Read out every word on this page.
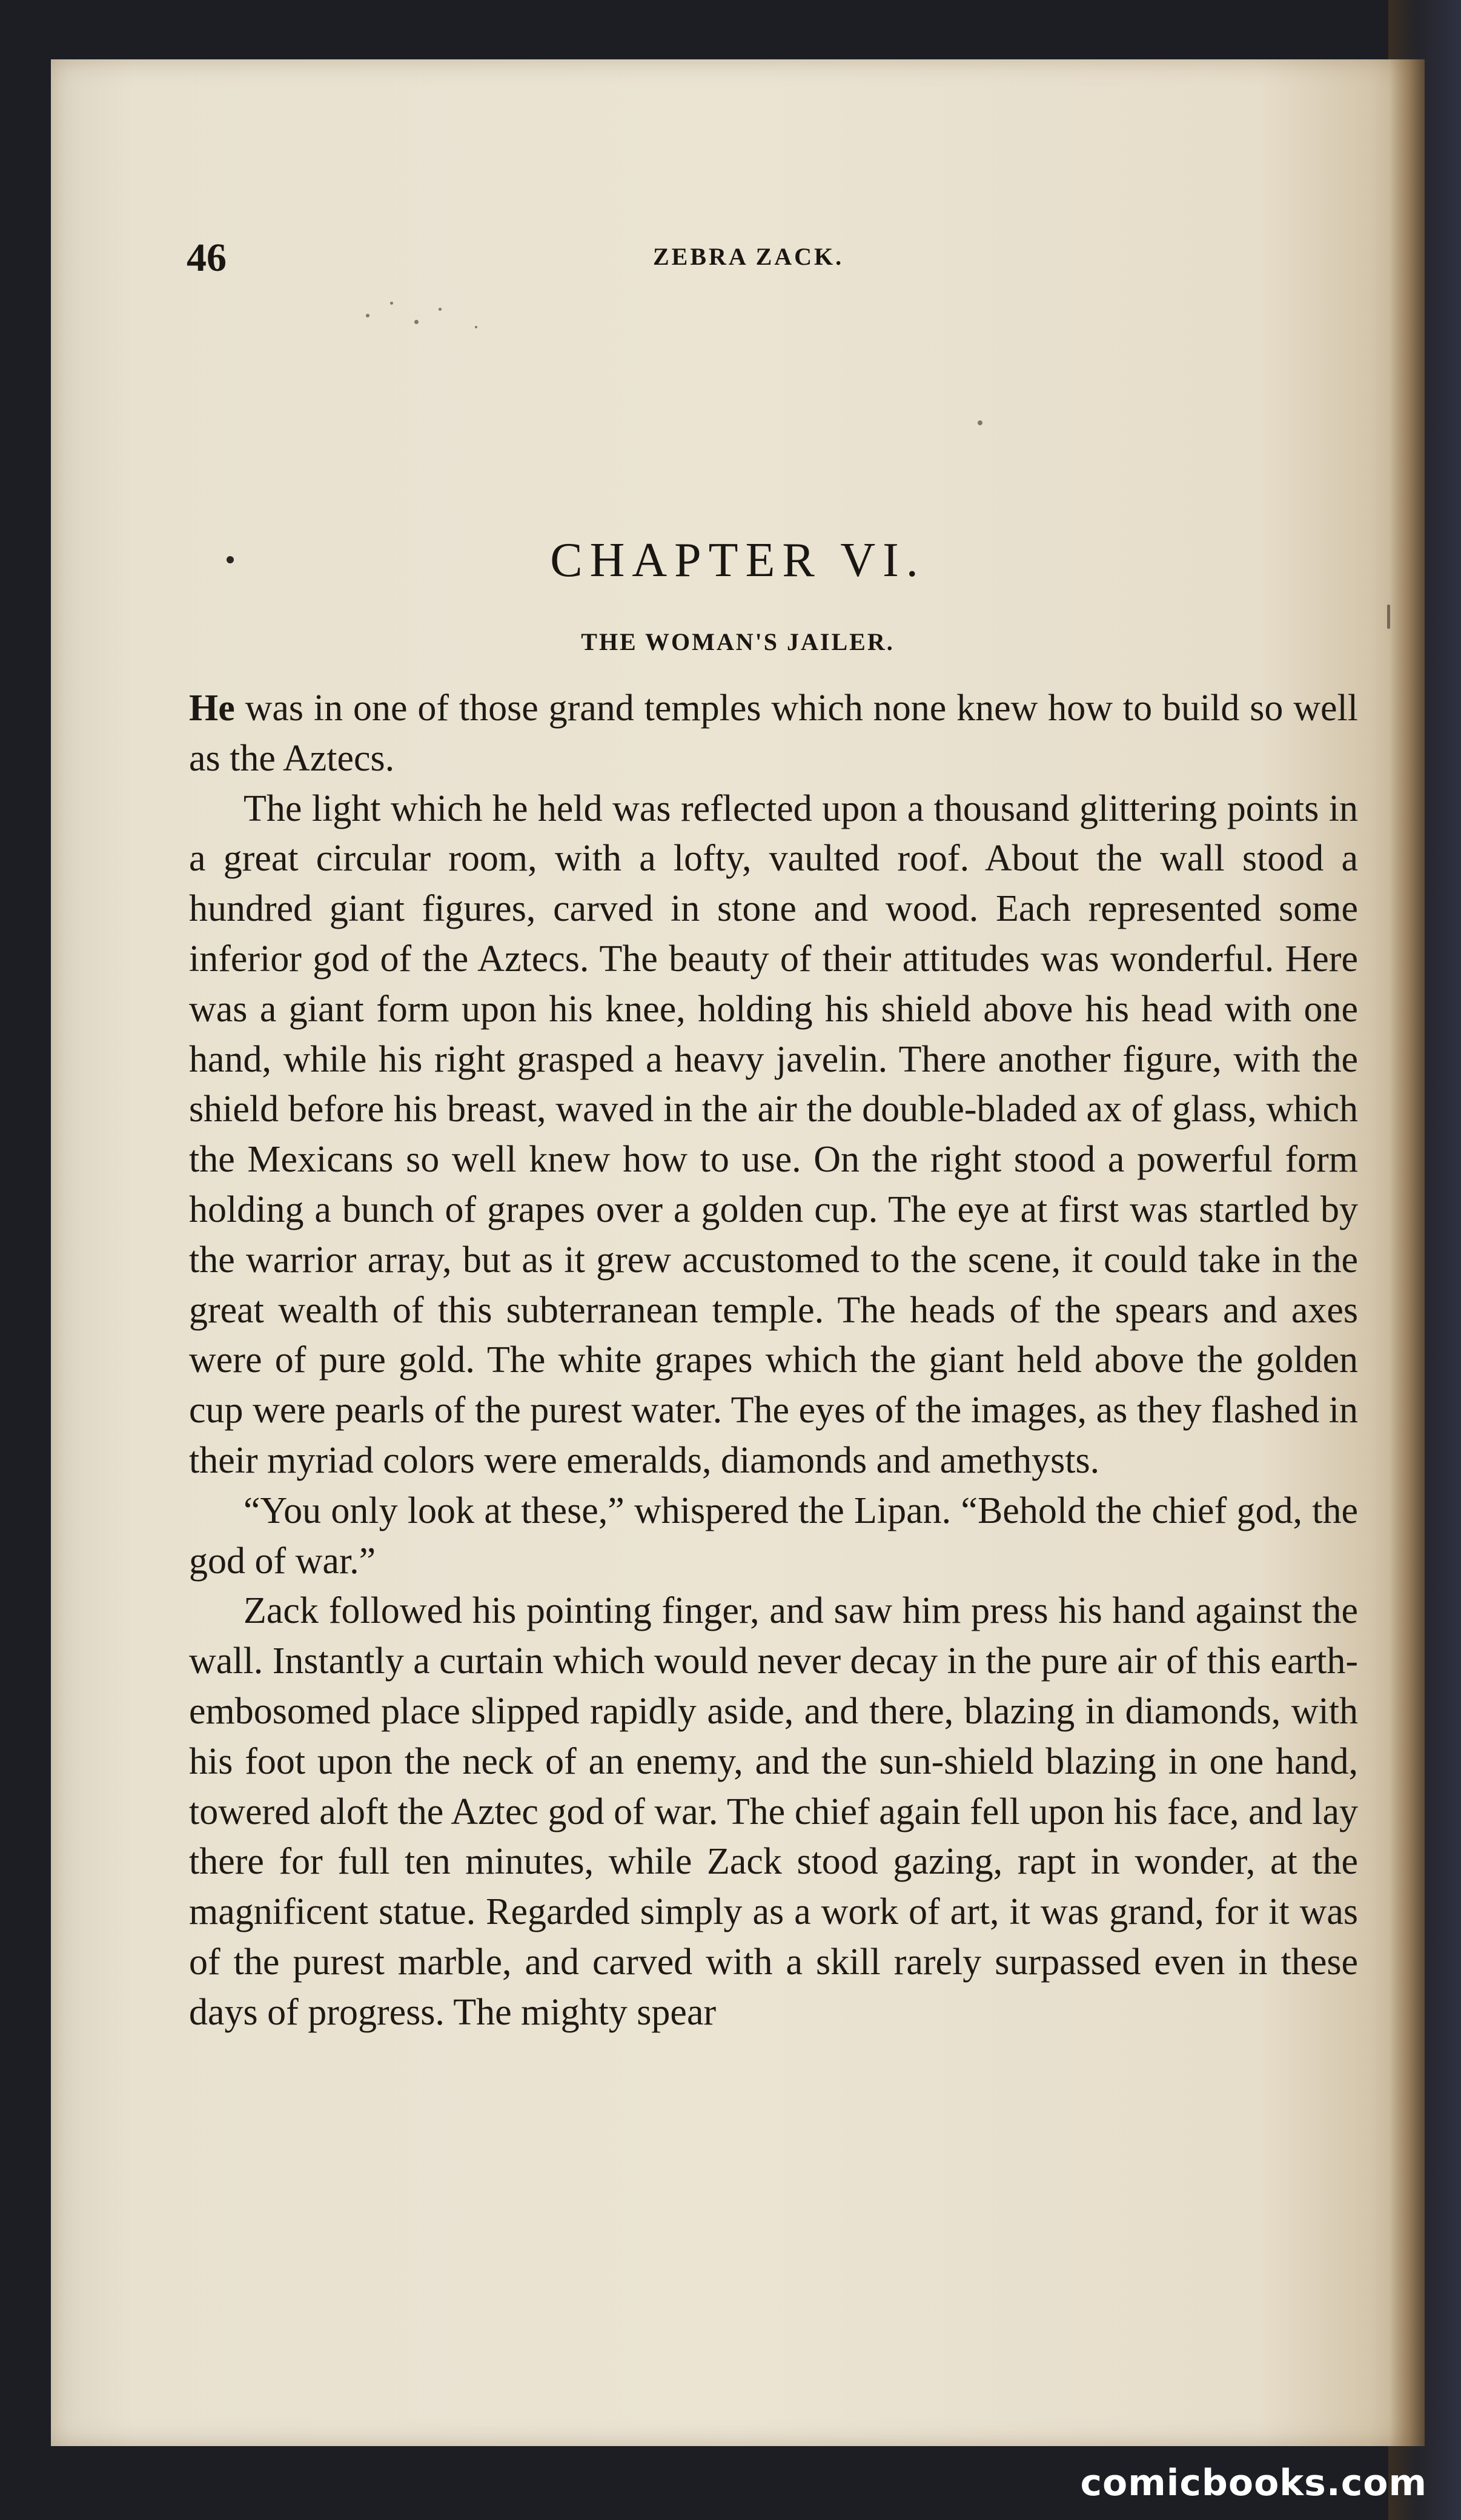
46	ZEBRA ZACK.
CHAPTER VI.
THE WOMAN'S JAILER.

He was in one of those grand temples which none knew how to build so well as the Aztecs.

The light which he held was reflected upon a thousand glittering points in a great circular room, with a lofty, vaulted roof. About the wall stood a hundred giant figures, carved in stone and wood. Each represented some inferior god of the Aztecs. The beauty of their attitudes was wonderful. Here was a giant form upon his knee, holding his shield above his head with one hand, while his right grasped a heavy javelin. There another figure, with the shield before his breast, waved in the air the double-bladed ax of glass, which the Mexicans so well knew how to use. On the right stood a powerful form holding a bunch of grapes over a golden cup. The eye at first was startled by the warrior array, but as it grew accustomed to the scene, it could take in the great wealth of this subterranean temple. The heads of the spears and axes were of pure gold. The white grapes which the giant held above the golden cup were pearls of the purest water. The eyes of the images, as they flashed in their myriad colors were emeralds, diamonds and amethysts.

“You only look at these,” whispered the Lipan. “Behold the chief god, the god of war.”

Zack followed his pointing finger, and saw him press his hand against the wall. Instantly a curtain which would never decay in the pure air of this earth-embosomed place slipped rapidly aside, and there, blazing in diamonds, with his foot upon the neck of an enemy, and the sun-shield blazing in one hand, towered aloft the Aztec god of war. The chief again fell upon his face, and lay there for full ten minutes, while Zack stood gazing, rapt in wonder, at the magnificent statue. Regarded simply as a work of art, it was grand, for it was of the purest marble, and carved with a skill rarely surpassed even in these days of progress. The mighty spear

comicbooks.com
